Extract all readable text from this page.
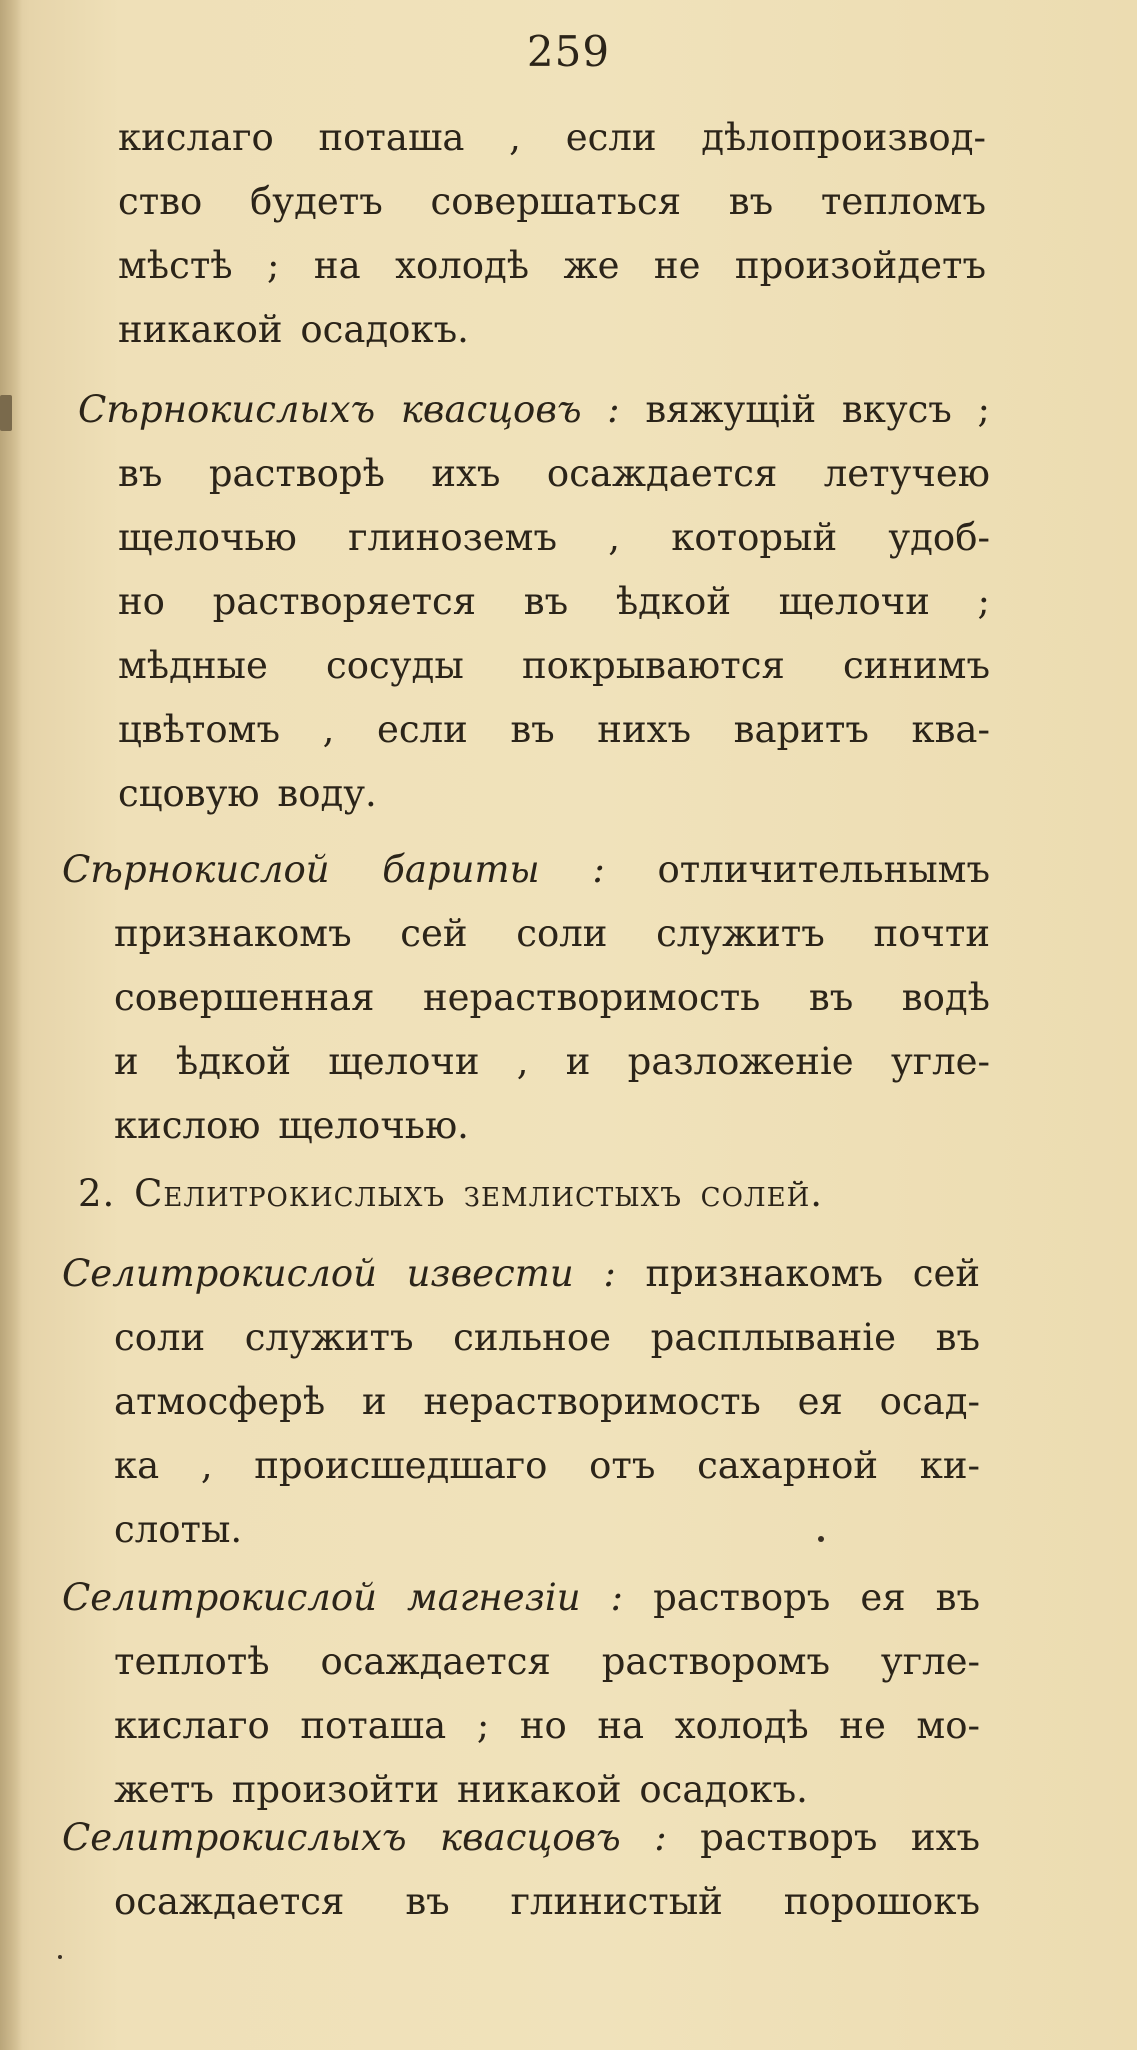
259

кислаго поташа , если дѣлопроизвод-
ство будетъ совершаться въ тепломъ
мѣстѣ ; на холодѣ же не произойдетъ
никакой осадокъ.

Сѣрнокислыхъ квасцовъ : вяжущій вкусъ ;
въ растворѣ ихъ осаждается летучею
щелочью глиноземъ , который удоб-
но растворяется въ ѣдкой щелочи ;
мѣдные сосуды покрываются синимъ
цвѣтомъ , если въ нихъ варитъ ква-
сцовую воду.

Сѣрнокислой бариты : отличительнымъ
признакомъ сей соли служитъ почти
совершенная нерастворимость въ водѣ
и ѣдкой щелочи , и разложеніе угле-
кислою щелочью.

2. Селитрокислыхъ землистыхъ солей.

Селитрокислой извести : признакомъ сей
соли служитъ сильное расплываніе въ
атмосферѣ и нерастворимость ея осад-
ка , происшедшаго отъ сахарной ки-
слоты.

Селитрокислой магнезіи : растворъ ея въ
теплотѣ осаждается растворомъ угле-
кислаго поташа ; но на холодѣ не мо-
жетъ произойти никакой осадокъ.

Селитрокислыхъ квасцовъ : растворъ ихъ
осаждается въ глинистый порошокъ
